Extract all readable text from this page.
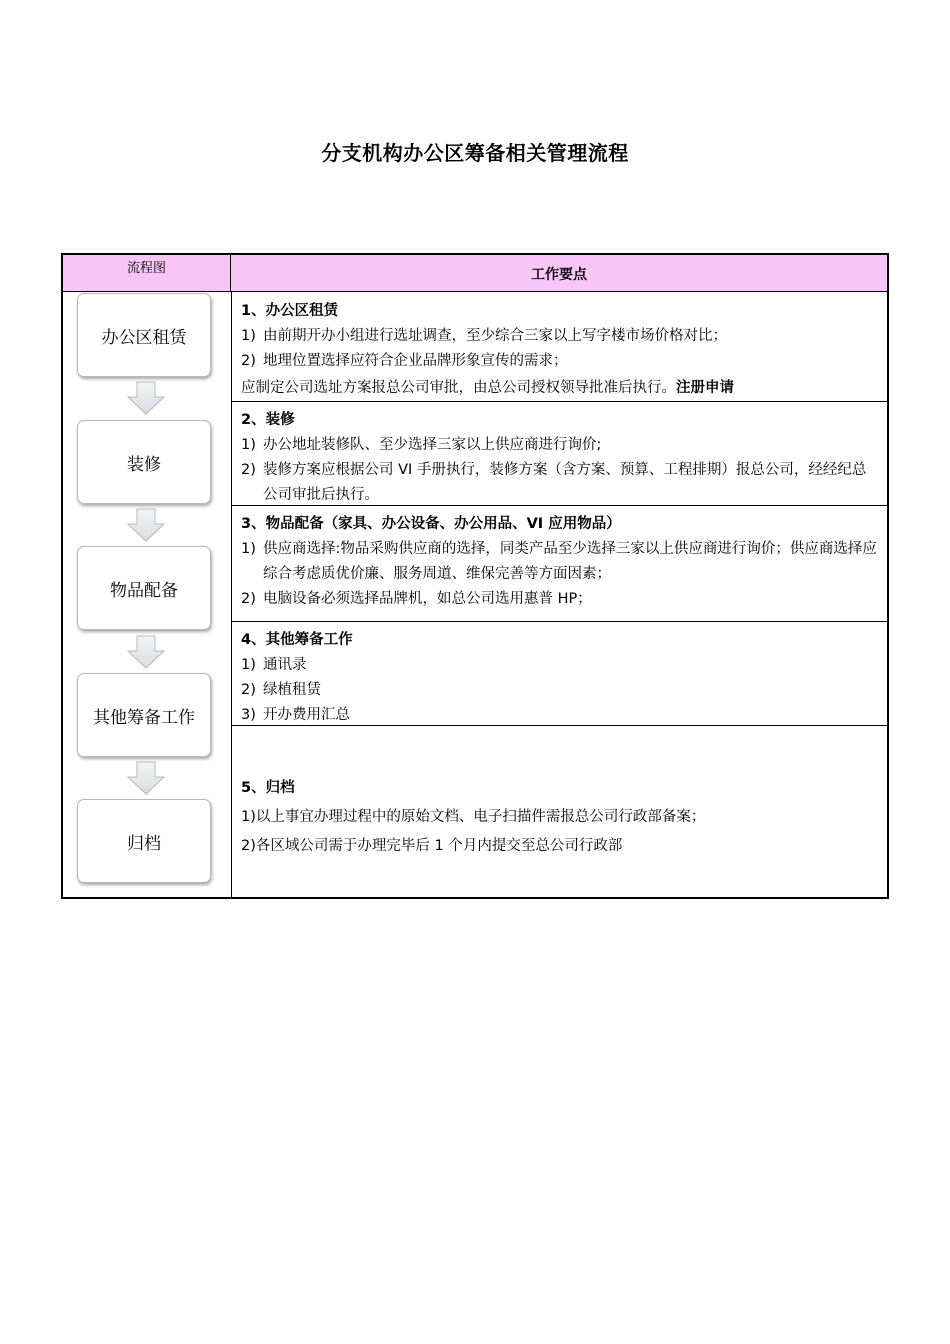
分支机构办公区筹备相关管理流程
流程图	工作要点
办公区租赁
装修
物品配备
其他筹备工作
归档
1、办公区租赁
1) 由前期开办小组进行选址调查，至少综合三家以上写字楼市场价格对比；
2) 地理位置选择应符合企业品牌形象宣传的需求；
应制定公司选址方案报总公司审批，由总公司授权领导批准后执行。注册申请
2、装修
1) 办公地址装修队、至少选择三家以上供应商进行询价;
2) 装修方案应根据公司 VI 手册执行，装修方案（含方案、预算、工程排期）报总公司，经经纪总公司审批后执行。
3、物品配备（家具、办公设备、办公用品、VI 应用物品）
1) 供应商选择:物品采购供应商的选择，同类产品至少选择三家以上供应商进行询价；供应商选择应综合考虑质优价廉、服务周道、维保完善等方面因素；
2) 电脑设备必须选择品牌机，如总公司选用惠普 HP；
4、其他筹备工作
1) 通讯录
2) 绿植租赁
3) 开办费用汇总
5、归档
1)以上事宜办理过程中的原始文档、电子扫描件需报总公司行政部备案；
2)各区域公司需于办理完毕后 1 个月内提交至总公司行政部
